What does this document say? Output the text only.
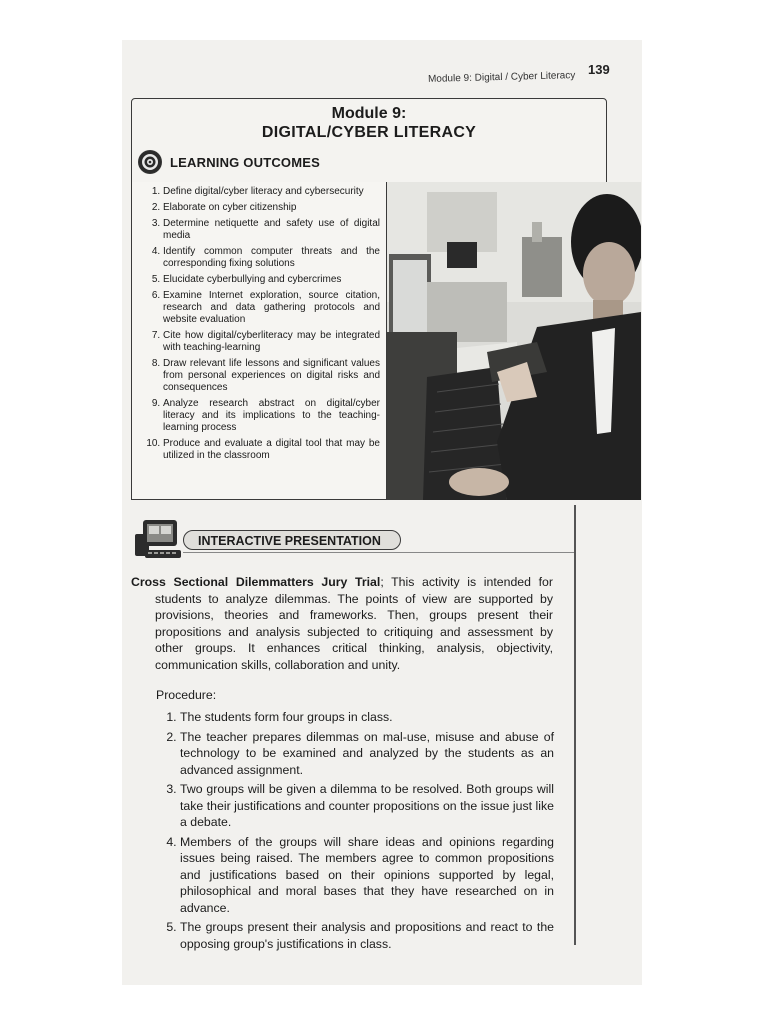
Module 9: Digital / Cyber Literacy
139
Module 9:
DIGITAL/CYBER LITERACY
LEARNING OUTCOMES
1. Define digital/cyber literacy and cybersecurity
2. Elaborate on cyber citizenship
3. Determine netiquette and safety use of digital media
4. Identify common computer threats and the corresponding fixing solutions
5. Elucidate cyberbullying and cybercrimes
6. Examine Internet exploration, source citation, research and data gathering protocols and website evaluation
7. Cite how digital/cyberliteracy may be integrated with teaching-learning
8. Draw relevant life lessons and significant values from personal experiences on digital risks and consequences
9. Analyze research abstract on digital/cyber literacy and its implications to the teaching-learning process
10. Produce and evaluate a digital tool that may be utilized in the classroom
INTERACTIVE PRESENTATION
Cross Sectional Dilemmatters Jury Trial; This activity is intended for students to analyze dilemmas. The points of view are supported by provisions, theories and frameworks. Then, groups present their propositions and analysis subjected to critiquing and assessment by other groups. It enhances critical thinking, analysis, objectivity, communication skills, collaboration and unity.
Procedure:
1. The students form four groups in class.
2. The teacher prepares dilemmas on mal-use, misuse and abuse of technology to be examined and analyzed by the students as an advanced assignment.
3. Two groups will be given a dilemma to be resolved. Both groups will take their justifications and counter propositions on the issue just like a debate.
4. Members of the groups will share ideas and opinions regarding issues being raised. The members agree to common propositions and justifications based on their opinions supported by legal, philosophical and moral bases that they have researched on in advance.
5. The groups present their analysis and propositions and react to the opposing group's justifications in class.
